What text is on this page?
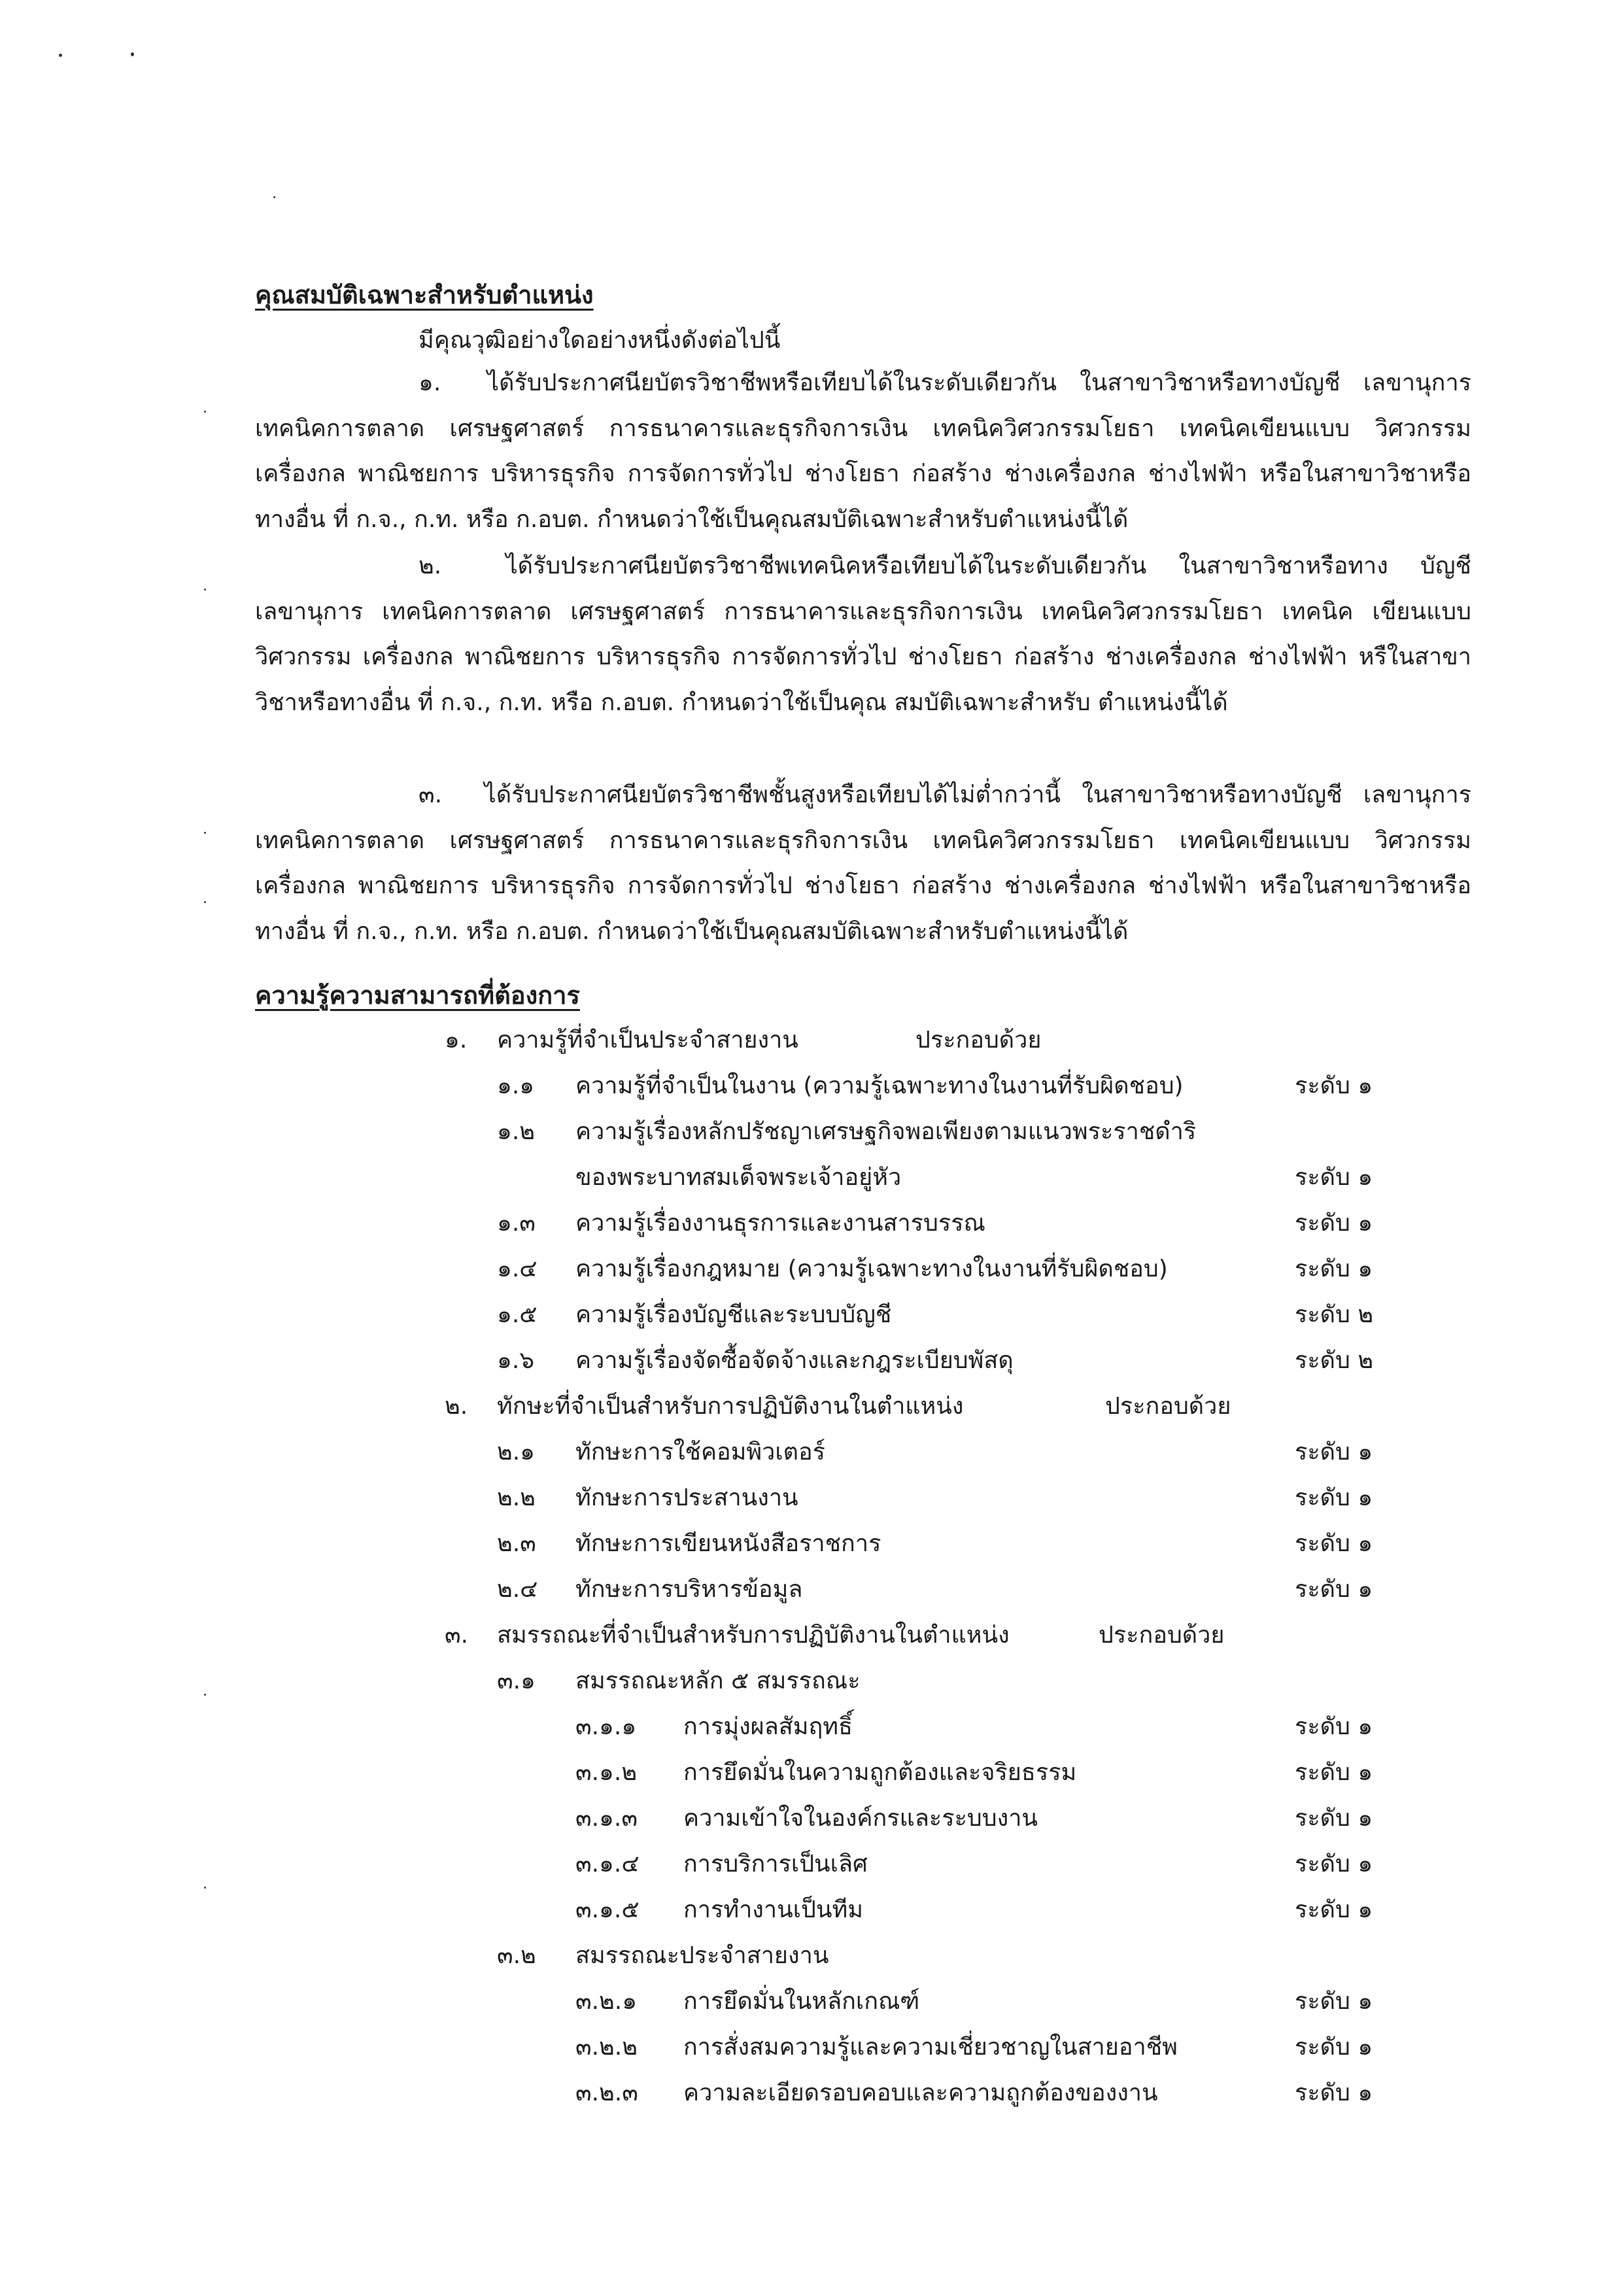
คุณสมบัติเฉพาะสำหรับตำแหน่ง
มีคุณวุฒิอย่างใดอย่างหนึ่งดังต่อไปนี้
๑. ได้รับประกาศนียบัตรวิชาชีพหรือเทียบได้ในระดับเดียวกัน ในสาขาวิชาหรือทางบัญชี เลขานุการ เทคนิคการตลาด เศรษฐศาสตร์ การธนาคารและธุรกิจการเงิน เทคนิควิศวกรรมโยธา เทคนิคเขียนแบบ วิศวกรรมเครื่องกล พาณิชยการ บริหารธุรกิจ การจัดการทั่วไป ช่างโยธา ก่อสร้าง ช่างเครื่องกล ช่างไฟฟ้า หรือในสาขาวิชาหรือทางอื่น ที่ ก.จ., ก.ท. หรือ ก.อบต. กำหนดว่าใช้เป็นคุณสมบัติเฉพาะสำหรับตำแหน่งนี้ได้
๒.	ได้รับประกาศนียบัตรวิชาชีพเทคนิคหรือเทียบได้ในระดับเดียวกัน ในสาขาวิชาหรือทาง บัญชี เลขานุการ เทคนิคการตลาด เศรษฐศาสตร์ การธนาคารและธุรกิจการเงิน เทคนิควิศวกรรมโยธา เทคนิค เขียนแบบวิศวกรรม เครื่องกล พาณิชยการ บริหารธุรกิจ การจัดการทั่วไป ช่างโยธา ก่อสร้าง ช่างเครื่องกล ช่างไฟฟ้า หรืในสาขาวิชาหรือทางอื่น ที่ ก.จ., ก.ท. หรือ ก.อบต. กำหนดว่าใช้เป็นคุณ สมบัติเฉพาะสำหรับ ตำแหน่งนี้ได้
๓. ได้รับประกาศนียบัตรวิชาชีพชั้นสูงหรือเทียบได้ไม่ต่ำกว่านี้ ในสาขาวิชาหรือทางบัญชี เลขานุการ เทคนิคการตลาด เศรษฐศาสตร์ การธนาคารและธุรกิจการเงิน เทคนิควิศวกรรมโยธา เทคนิคเขียนแบบ วิศวกรรม เครื่องกล พาณิชยการ บริหารธุรกิจ การจัดการทั่วไป ช่างโยธา ก่อสร้าง ช่างเครื่องกล ช่างไฟฟ้า หรือในสาขาวิชาหรือทางอื่น ที่ ก.จ., ก.ท. หรือ ก.อบต. กำหนดว่าใช้เป็นคุณสมบัติเฉพาะสำหรับตำแหน่งนี้ได้
ความรู้ความสามารถที่ต้องการ
๑. ความรู้ที่จำเป็นประจำสายงาน	ประกอบด้วย
๑.๑ ความรู้ที่จำเป็นในงาน (ความรู้เฉพาะทางในงานที่รับผิดชอบ)	ระดับ ๑
๑.๒ ความรู้เรื่องหลักปรัชญาเศรษฐกิจพอเพียงตามแนวพระราชดำริ
ของพระบาทสมเด็จพระเจ้าอยู่หัว	ระดับ ๑
๑.๓ ความรู้เรื่องงานธุรการและงานสารบรรณ	ระดับ ๑
๑.๔ ความรู้เรื่องกฎหมาย (ความรู้เฉพาะทางในงานที่รับผิดชอบ)	ระดับ ๑
๑.๕ ความรู้เรื่องบัญชีและระบบบัญชี	ระดับ ๒
๑.๖ ความรู้เรื่องจัดซื้อจัดจ้างและกฎระเบียบพัสดุ	ระดับ ๒
๒. ทักษะที่จำเป็นสำหรับการปฏิบัติงานในตำแหน่ง	ประกอบด้วย
๒.๑ ทักษะการใช้คอมพิวเตอร์	ระดับ ๑
๒.๒ ทักษะการประสานงาน	ระดับ ๑
๒.๓ ทักษะการเขียนหนังสือราชการ	ระดับ ๑
๒.๔ ทักษะการบริหารข้อมูล	ระดับ ๑
๓. สมรรถณะที่จำเป็นสำหรับการปฏิบัติงานในตำแหน่ง	ประกอบด้วย
๓.๑ สมรรถณะหลัก ๕ สมรรถณะ
๓.๑.๑ การมุ่งผลสัมฤทธิ์	ระดับ ๑
๓.๑.๒ การยึดมั่นในความถูกต้องและจริยธรรม	ระดับ ๑
๓.๑.๓ ความเข้าใจในองค์กรและระบบงาน	ระดับ ๑
๓.๑.๔ การบริการเป็นเลิศ	ระดับ ๑
๓.๑.๕ การทำงานเป็นทีม	ระดับ ๑
๓.๒ สมรรถณะประจำสายงาน
๓.๒.๑ การยึดมั่นในหลักเกณฑ์	ระดับ ๑
๓.๒.๒ การสั่งสมความรู้และความเชี่ยวชาญในสายอาชีพ	ระดับ ๑
๓.๒.๓ ความละเอียดรอบคอบและความถูกต้องของงาน	ระดับ ๑
